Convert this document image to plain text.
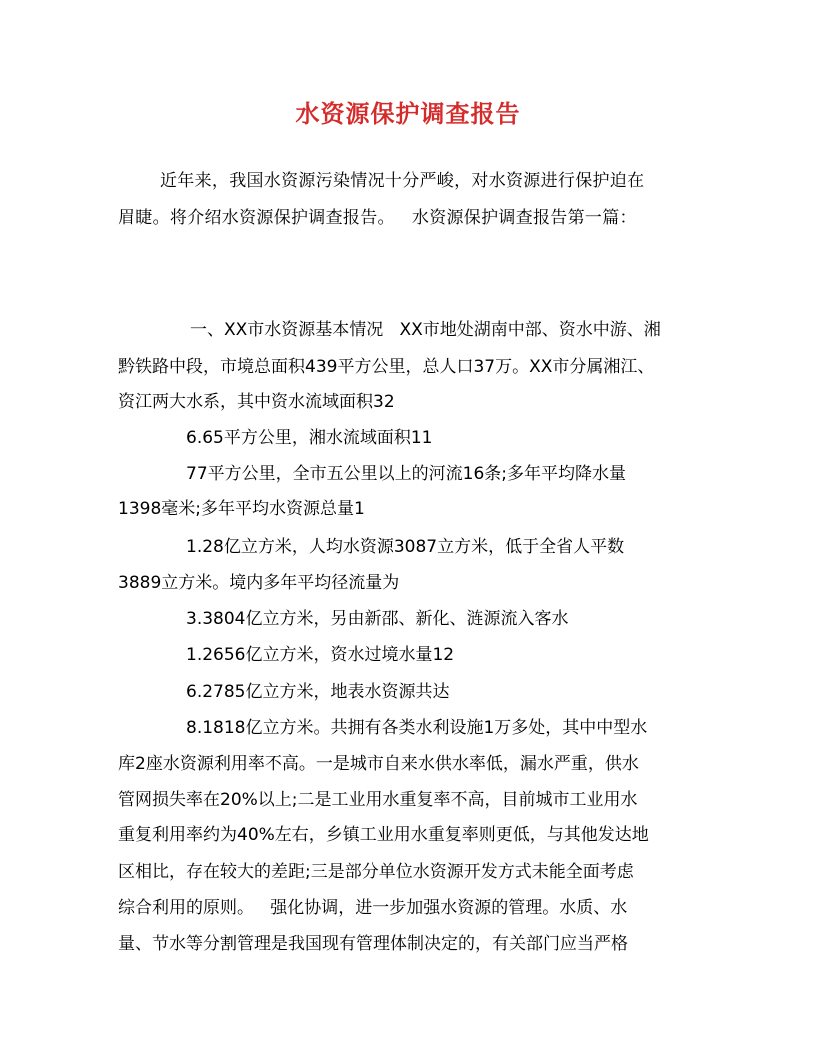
水资源保护调查报告
近年来，我国水资源污染情况十分严峻，对水资源进行保护迫在
眉睫。将介绍水资源保护调查报告。   水资源保护调查报告第一篇：
一、XX市水资源基本情况   XX市地处湖南中部、资水中游、湘
黔铁路中段，市境总面积439平方公里，总人口37万。XX市分属湘江、
资江两大水系，其中资水流域面积32
6.65平方公里，湘水流域面积11
77平方公里，全市五公里以上的河流16条;多年平均降水量
1398毫米;多年平均水资源总量1
1.28亿立方米，人均水资源3087立方米，低于全省人平数
3889立方米。境内多年平均径流量为
3.3804亿立方米，另由新邵、新化、涟源流入客水
1.2656亿立方米，资水过境水量12
6.2785亿立方米，地表水资源共达
8.1818亿立方米。共拥有各类水利设施1万多处，其中中型水
库2座水资源利用率不高。一是城市自来水供水率低，漏水严重，供水
管网损失率在20%以上;二是工业用水重复率不高，目前城市工业用水
重复利用率约为40%左右，乡镇工业用水重复率则更低，与其他发达地
区相比，存在较大的差距;三是部分单位水资源开发方式未能全面考虑
综合利用的原则。   强化协调，进一步加强水资源的管理。水质、水
量、节水等分割管理是我国现有管理体制决定的，有关部门应当严格
